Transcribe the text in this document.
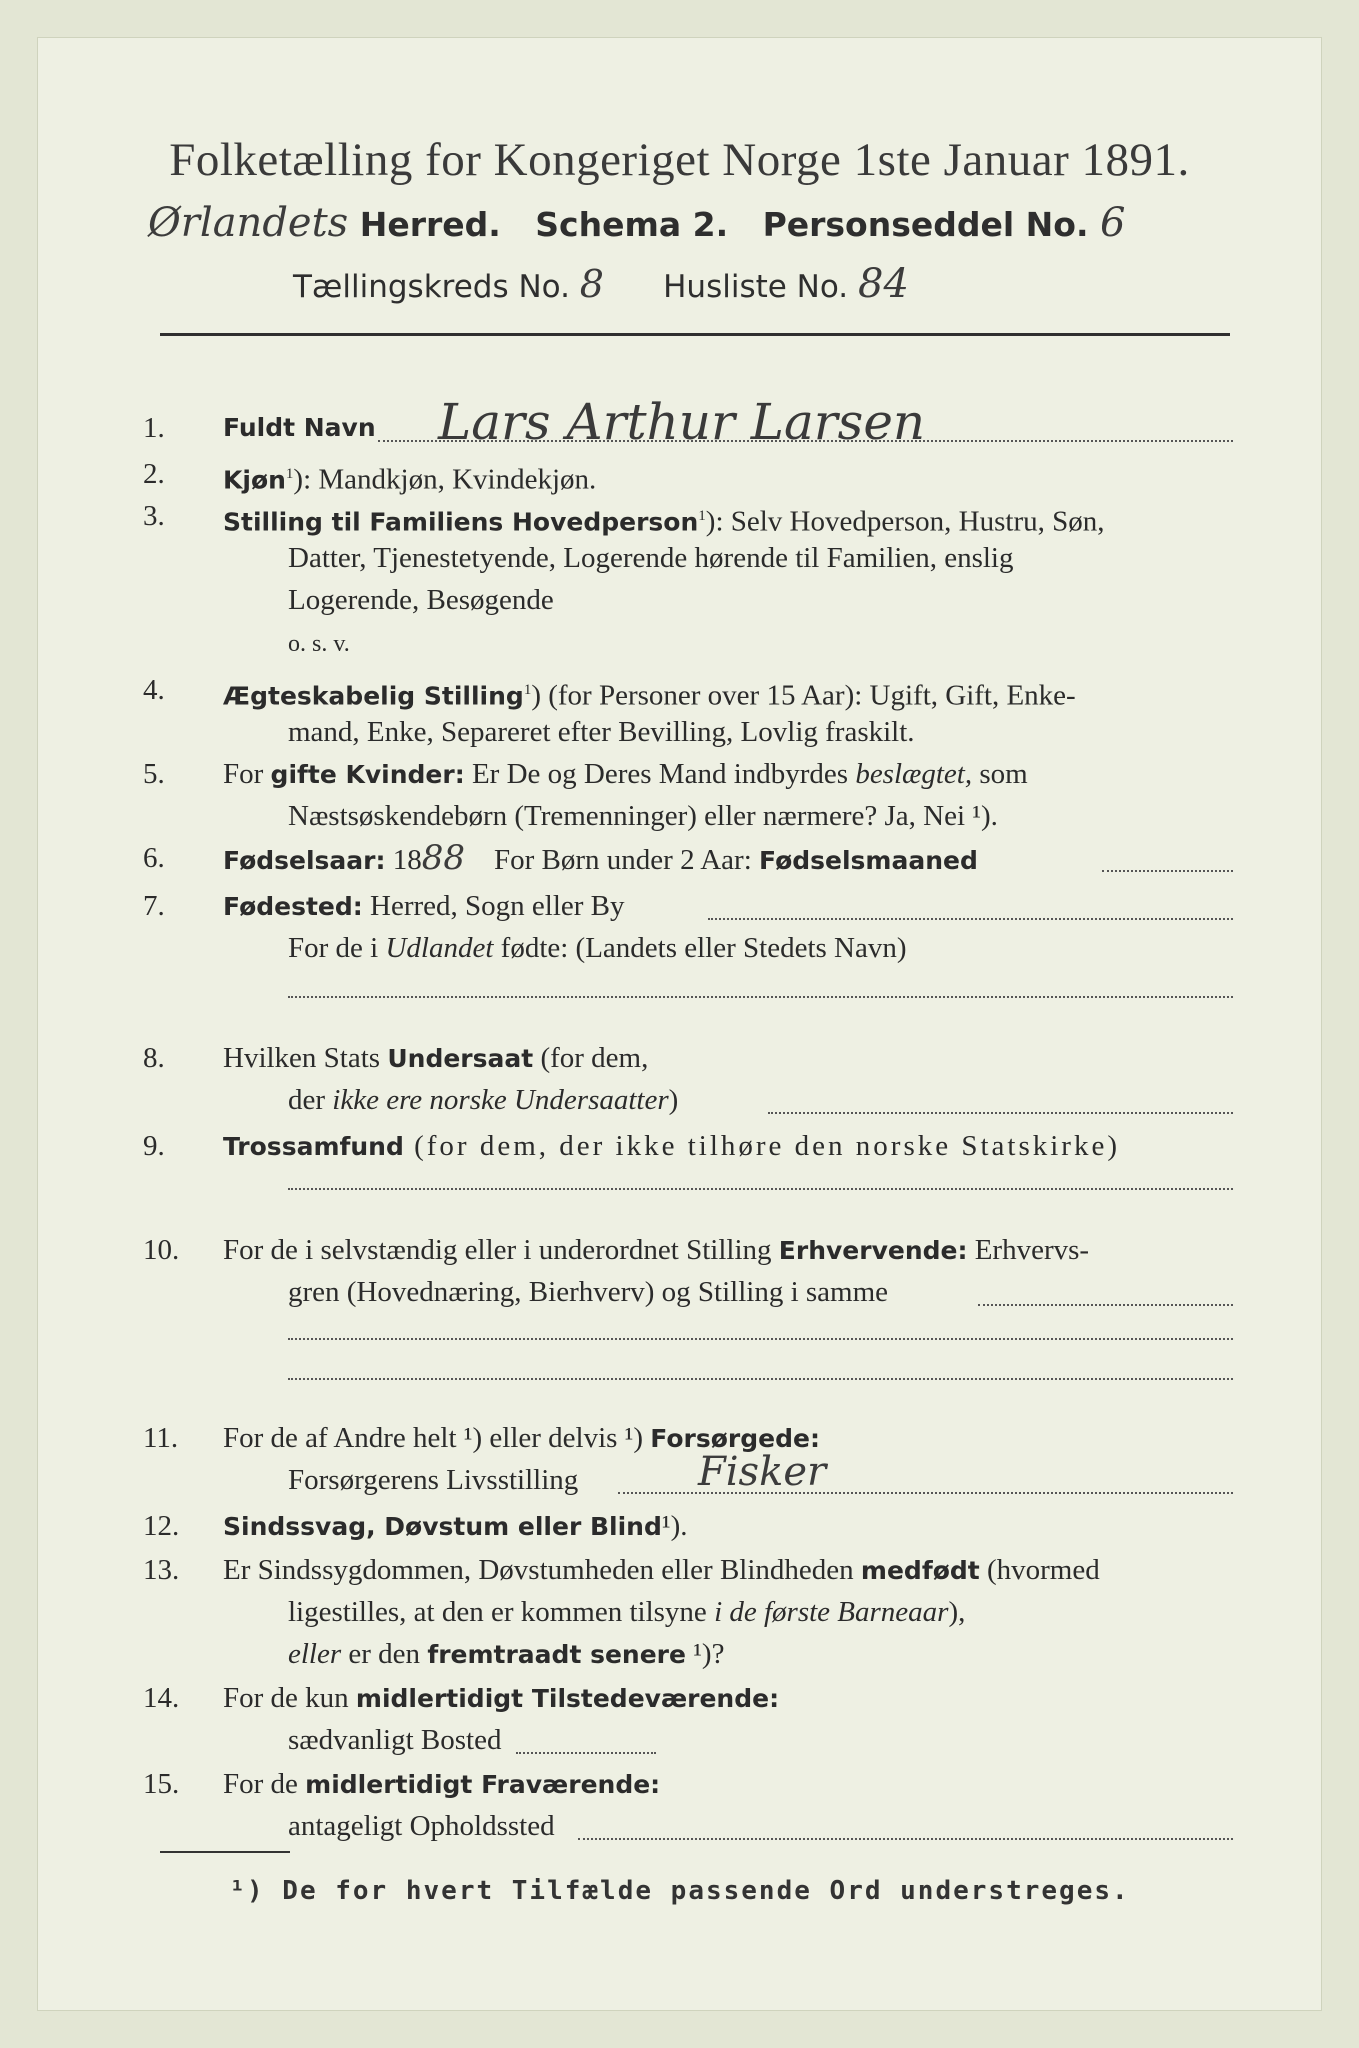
Folketælling for Kongeriget Norge 1ste Januar 1891.
Ørlandets Herred. Schema 2. Personseddel No. 6
Tællingskreds No. 8 Husliste No. 84
1.	Fuldt Navn Lars Arthur Larsen
2.	Kjøn$^1$): Mandkjøn, Kvindekjøn.
3.	Stilling til Familiens Hovedperson$^1$): Selv Hovedperson, Hustru, Søn,
Datter, Tjenestetyende, Logerende hørende til Familien, enslig
Logerende, Besøgende
o. s. v.
4.	Ægteskabelig Stilling$^1$) (for Personer over 15 Aar): Ugift, Gift, Enke-
mand, Enke, Separeret efter Bevilling, Lovlig fraskilt.
5.	For gifte Kvinder: Er De og Deres Mand indbyrdes beslægtet, som
Næstsøskendebørn (Tremenninger) eller nærmere? Ja, Nei ¹).
6.	Fødselsaar: 1888    For Børn under 2 Aar: Fødselsmaaned
7.	Fødested: Herred, Sogn eller By
For de i Udlandet fødte: (Landets eller Stedets Navn)
8.	Hvilken Stats Undersaat (for dem,
der ikke ere norske Undersaatter)
9.	Trossamfund (for dem, der ikke tilhøre den norske Statskirke)
10.	For de i selvstændig eller i underordnet Stilling Erhvervende: Erhvervs-
gren (Hovednæring, Bierhverv) og Stilling i samme
11.	For de af Andre helt ¹) eller delvis ¹) Forsørgede:
Forsørgerens Livsstilling	Fisker
12.	Sindssvag, Døvstum eller Blind¹).
13.	Er Sindssygdommen, Døvstumheden eller Blindheden medfødt (hvormed
ligestilles, at den er kommen tilsyne i de første Barneaar),
eller er den fremtraadt senere ¹)?
14.	For de kun midlertidigt Tilstedeværende:
sædvanligt Bosted
15.	For de midlertidigt Fraværende:
antageligt Opholdssted
¹) De for hvert Tilfælde passende Ord understreges.
